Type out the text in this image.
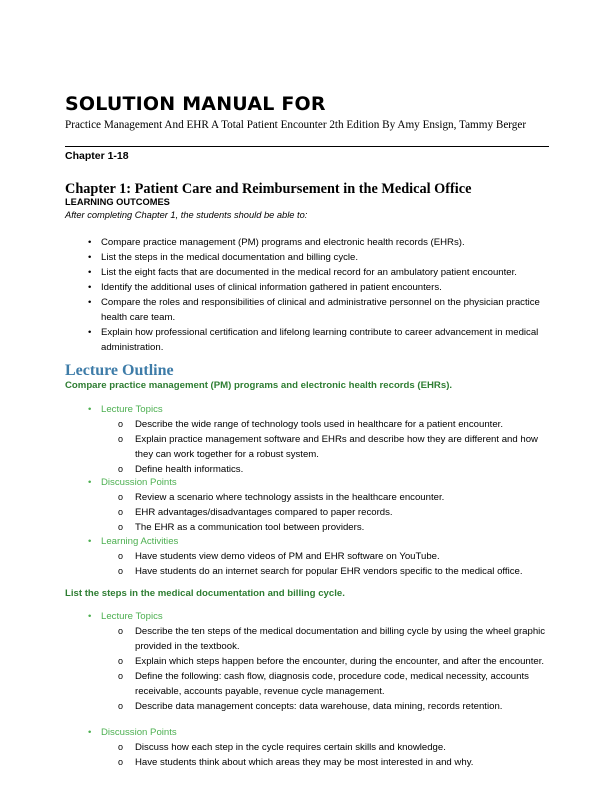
SOLUTION MANUAL FOR
Practice Management And EHR A Total Patient Encounter 2th Edition By Amy Ensign, Tammy Berger
Chapter 1-18
Chapter 1: Patient Care and Reimbursement in the Medical Office
LEARNING OUTCOMES
After completing Chapter 1, the students should be able to:
• Compare practice management (PM) programs and electronic health records (EHRs).
• List the steps in the medical documentation and billing cycle.
• List the eight facts that are documented in the medical record for an ambulatory patient encounter.
• Identify the additional uses of clinical information gathered in patient encounters.
• Compare the roles and responsibilities of clinical and administrative personnel on the physician practice health care team.
• Explain how professional certification and lifelong learning contribute to career advancement in medical administration.
Lecture Outline
Compare practice management (PM) programs and electronic health records (EHRs).
• Lecture Topics
o Describe the wide range of technology tools used in healthcare for a patient encounter.
o Explain practice management software and EHRs and describe how they are different and how they can work together for a robust system.
o Define health informatics.
• Discussion Points
o Review a scenario where technology assists in the healthcare encounter.
o EHR advantages/disadvantages compared to paper records.
o The EHR as a communication tool between providers.
• Learning Activities
o Have students view demo videos of PM and EHR software on YouTube.
o Have students do an internet search for popular EHR vendors specific to the medical office.
List the steps in the medical documentation and billing cycle.
• Lecture Topics
o Describe the ten steps of the medical documentation and billing cycle by using the wheel graphic provided in the textbook.
o Explain which steps happen before the encounter, during the encounter, and after the encounter.
o Define the following: cash flow, diagnosis code, procedure code, medical necessity, accounts receivable, accounts payable, revenue cycle management.
o Describe data management concepts: data warehouse, data mining, records retention.
• Discussion Points
o Discuss how each step in the cycle requires certain skills and knowledge.
o Have students think about which areas they may be most interested in and why.
